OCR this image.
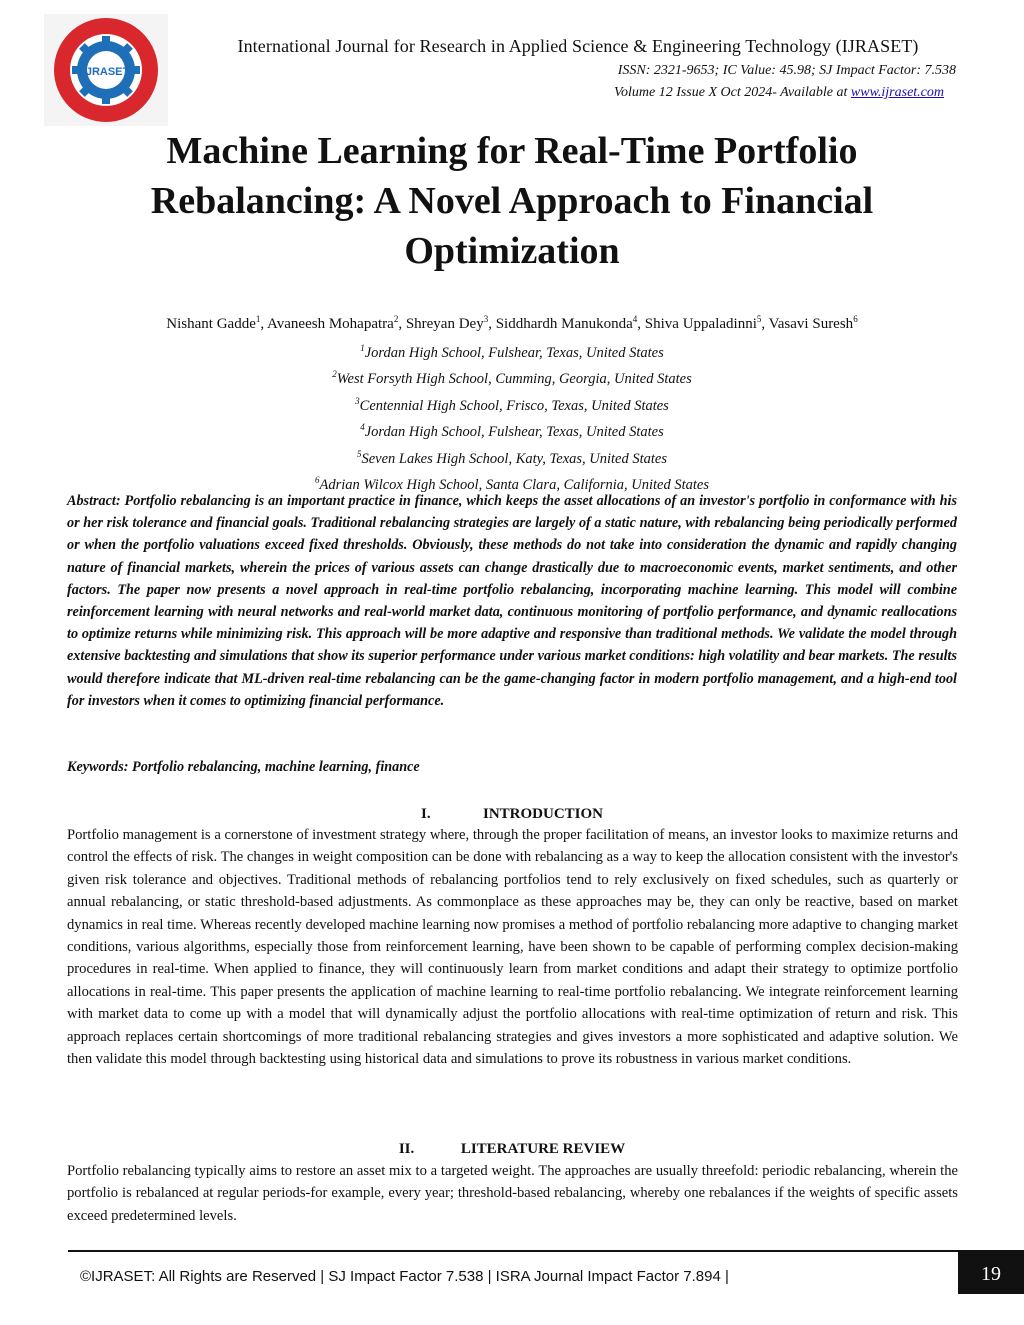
IJRASET
International Journal for Research in Applied Science & Engineering Technology (IJRASET)
ISSN: 2321-9653; IC Value: 45.98; SJ Impact Factor: 7.538
Volume 12 Issue X Oct 2024- Available at www.ijraset.com
Machine Learning for Real-Time Portfolio
Rebalancing: A Novel Approach to Financial
Optimization
Nishant Gadde$^1$, Avaneesh Mohapatra$^2$, Shreyan Dey$^3$, Siddhardh Manukonda$^4$, Shiva Uppaladinni$^5$, Vasavi Suresh$^6$
$^1$Jordan High School, Fulshear, Texas, United States
$^2$West Forsyth High School, Cumming, Georgia, United States
$^3$Centennial High School, Frisco, Texas, United States
$^4$Jordan High School, Fulshear, Texas, United States
$^5$Seven Lakes High School, Katy, Texas, United States
$^6$Adrian Wilcox High School, Santa Clara, California, United States

Abstract: Portfolio rebalancing is an important practice in finance, which keeps the asset allocations of an investor's portfolio in conformance with his or her risk tolerance and financial goals. Traditional rebalancing strategies are largely of a static nature, with rebalancing being periodically performed or when the portfolio valuations exceed fixed thresholds. Obviously, these methods do not take into consideration the dynamic and rapidly changing nature of financial markets, wherein the prices of various assets can change drastically due to macroeconomic events, market sentiments, and other factors. The paper now presents a novel approach in real-time portfolio rebalancing, incorporating machine learning. This model will combine reinforcement learning with neural networks and real-world market data, continuous monitoring of portfolio performance, and dynamic reallocations to optimize returns while minimizing risk. This approach will be more adaptive and responsive than traditional methods. We validate the model through extensive backtesting and simulations that show its superior performance under various market conditions: high volatility and bear markets. The results would therefore indicate that ML-driven real-time rebalancing can be the game-changing factor in modern portfolio management, and a high-end tool for investors when it comes to optimizing financial performance.

Keywords: Portfolio rebalancing, machine learning, finance
I.	INTRODUCTION

Portfolio management is a cornerstone of investment strategy where, through the proper facilitation of means, an investor looks to maximize returns and control the effects of risk. The changes in weight composition can be done with rebalancing as a way to keep the allocation consistent with the investor's given risk tolerance and objectives. Traditional methods of rebalancing portfolios tend to rely exclusively on fixed schedules, such as quarterly or annual rebalancing, or static threshold-based adjustments. As commonplace as these approaches may be, they can only be reactive, based on market dynamics in real time. Whereas recently developed machine learning now promises a method of portfolio rebalancing more adaptive to changing market conditions, various algorithms, especially those from reinforcement learning, have been shown to be capable of performing complex decision-making procedures in real-time. When applied to finance, they will continuously learn from market conditions and adapt their strategy to optimize portfolio allocations in real-time. This paper presents the application of machine learning to real-time portfolio rebalancing. We integrate reinforcement learning with market data to come up with a model that will dynamically adjust the portfolio allocations with real-time optimization of return and risk. This approach replaces certain shortcomings of more traditional rebalancing strategies and gives investors a more sophisticated and adaptive solution. We then validate this model through backtesting using historical data and simulations to prove its robustness in various market conditions.

II.	LITERATURE REVIEW

Portfolio rebalancing typically aims to restore an asset mix to a targeted weight. The approaches are usually threefold: periodic rebalancing, wherein the portfolio is rebalanced at regular periods-for example, every year; threshold-based rebalancing, whereby one rebalances if the weights of specific assets exceed predetermined levels.

©IJRASET: All Rights are Reserved | SJ Impact Factor 7.538 | ISRA Journal Impact Factor 7.894 |	19
